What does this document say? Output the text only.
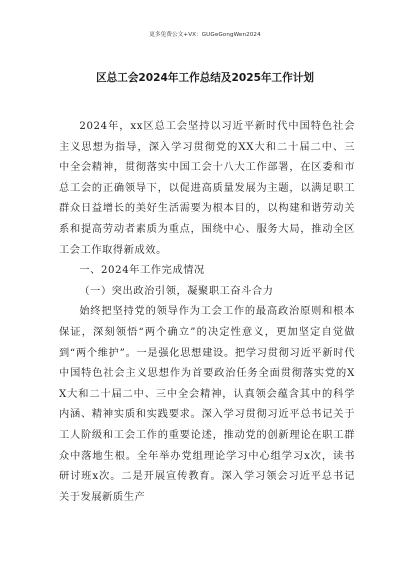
更多免费公文+VX：GUGeGongWen2024
区总工会2024年工作总结及2025年工作计划

2024年，xx区总工会坚持以习近平新时代中国特色社会主义思想为指导，深入学习贯彻党的XX大和二十届二中、三中全会精神，贯彻落实中国工会十八大工作部署，在区委和市总工会的正确领导下，以促进高质量发展为主题，以满足职工群众日益增长的美好生活需要为根本目的，以构建和谐劳动关系和提高劳动者素质为重点，围绕中心、服务大局，推动全区工会工作取得新成效。

一、2024年工作完成情况

（一）突出政治引领，凝聚职工奋斗合力

始终把坚持党的领导作为工会工作的最高政治原则和根本保证，深刻领悟“两个确立”的决定性意义，更加坚定自觉做到“两个维护”。一是强化思想建设。把学习贯彻习近平新时代中国特色社会主义思想作为首要政治任务全面贯彻落实党的XX大和二十届二中、三中全会精神，认真领会蕴含其中的科学内涵、精神实质和实践要求。深入学习贯彻习近平总书记关于工人阶级和工会工作的重要论述，推动党的创新理论在职工群众中落地生根。全年举办党组理论学习中心组学习x次，读书研讨班x次。二是开展宣传教育。深入学习领会习近平总书记关于发展新质生产
